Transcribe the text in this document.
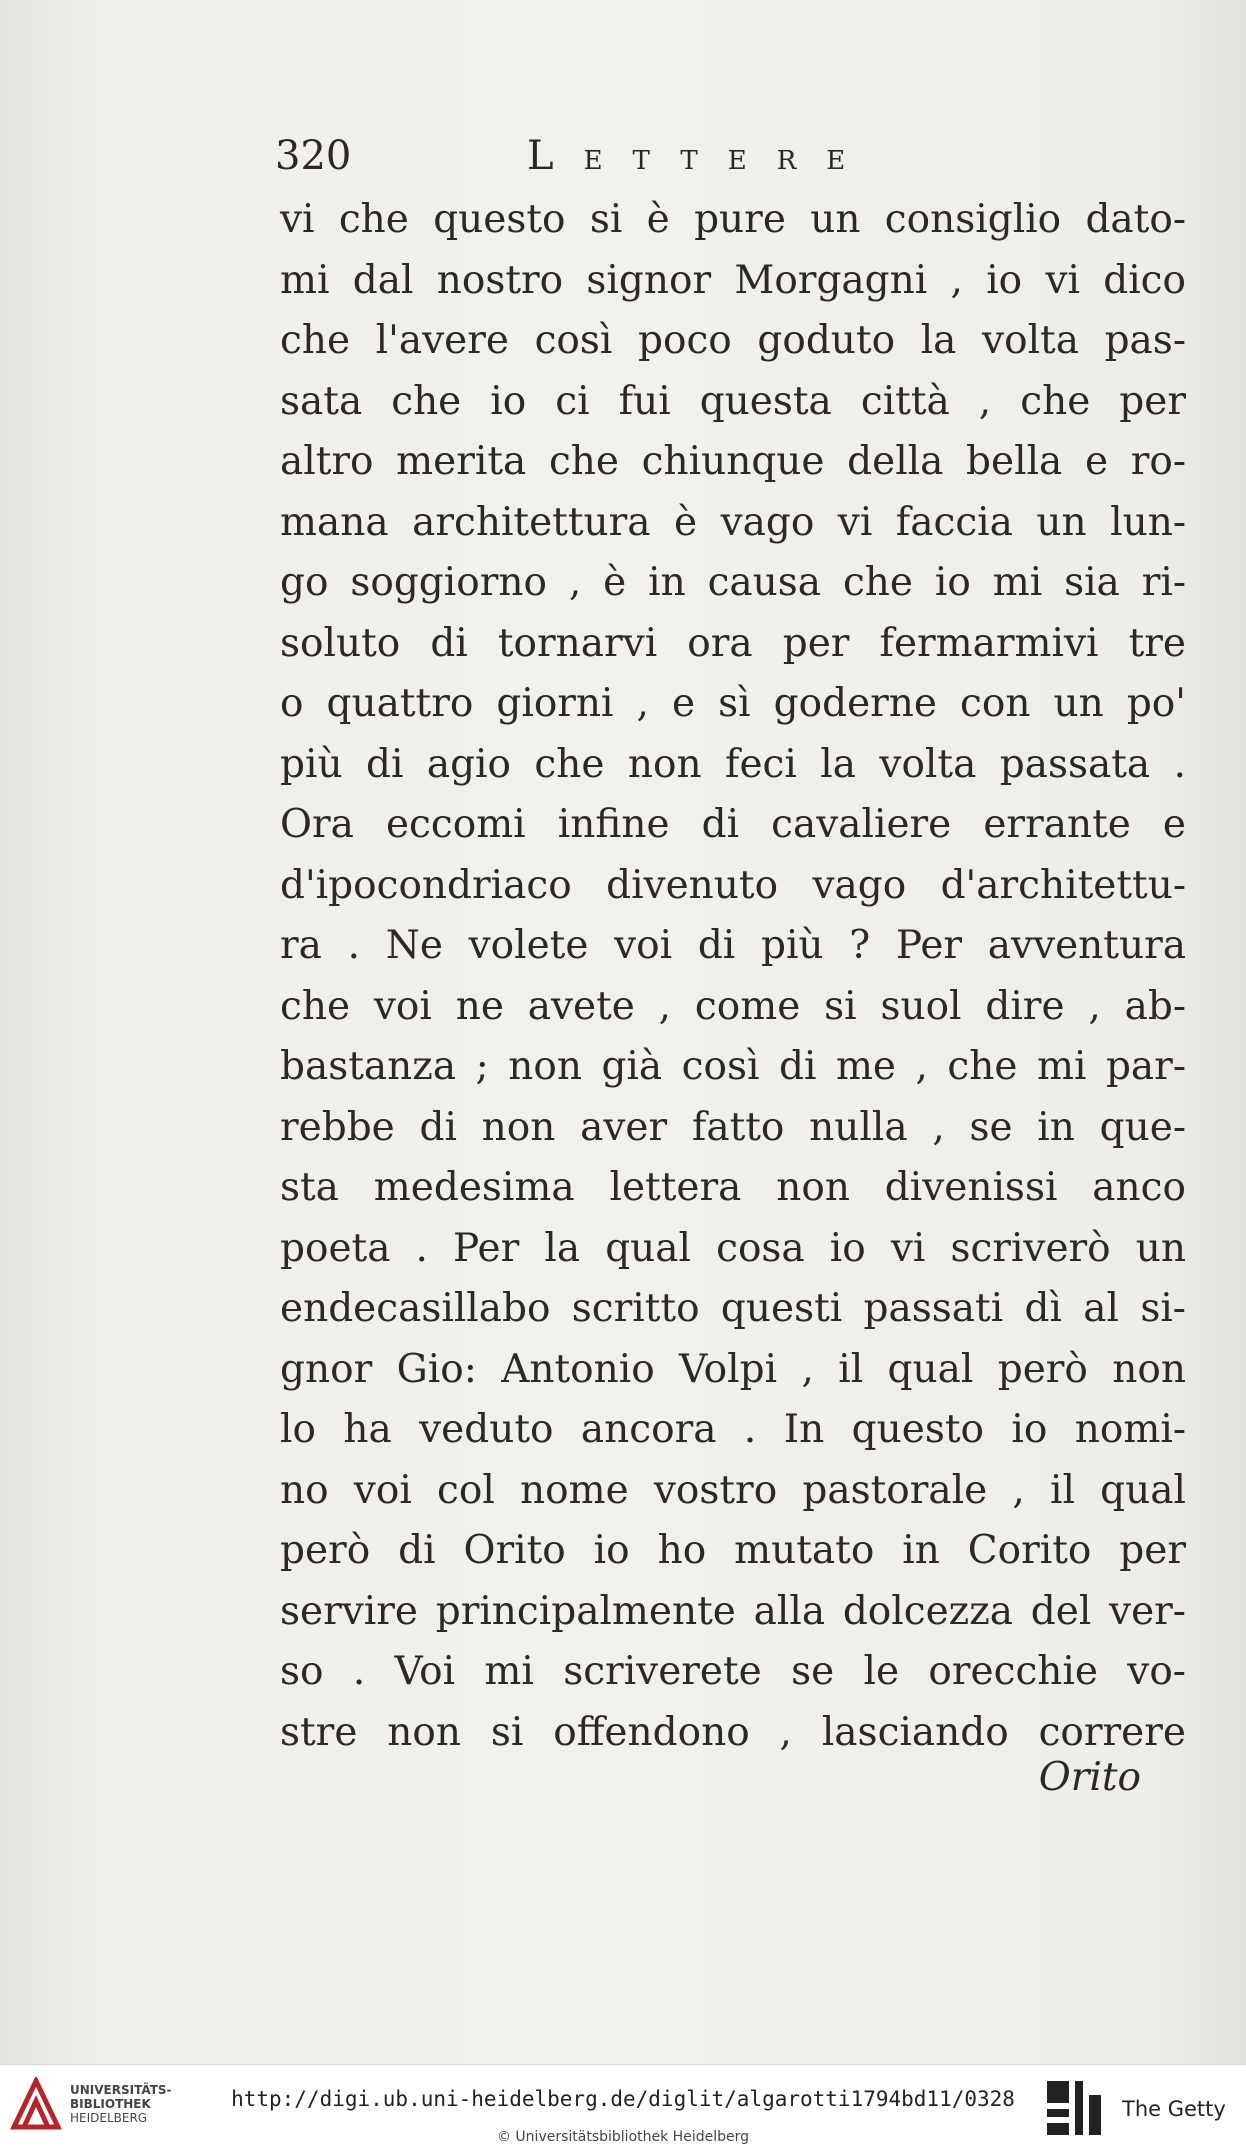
320	LETTERE
vi che questo si è pure un consiglio dato-
mi dal nostro signor Morgagni , io vi dico
che l'avere così poco goduto la volta pas-
sata che io ci fui questa città , che per
altro merita che chiunque della bella e ro-
mana architettura è vago vi faccia un lun-
go soggiorno , è in causa che io mi sia ri-
soluto di tornarvi ora per fermarmivi tre
o quattro giorni , e sì goderne con un po'
più di agio che non feci la volta passata .
Ora eccomi infine di cavaliere errante e
d'ipocondriaco divenuto vago d'architettu-
ra . Ne volete voi di più ? Per avventura
che voi ne avete , come si suol dire , ab-
bastanza ; non già così di me , che mi par-
rebbe di non aver fatto nulla , se in que-
sta medesima lettera non divenissi anco
poeta . Per la qual cosa io vi scriverò un
endecasillabo scritto questi passati dì al si-
gnor Gio: Antonio Volpi , il qual però non
lo ha veduto ancora . In questo io nomi-
no voi col nome vostro pastorale , il qual
però di Orito io ho mutato in Corito per
servire principalmente alla dolcezza del ver-
so . Voi mi scriverete se le orecchie vo-
stre non si offendono , lasciando correre
Orito
UNIVERSITÄTS-
BIBLIOTHEK
HEIDELBERG
http://digi.ub.uni-heidelberg.de/diglit/algarotti1794bd11/0328
© Universitätsbibliothek Heidelberg
The Getty
